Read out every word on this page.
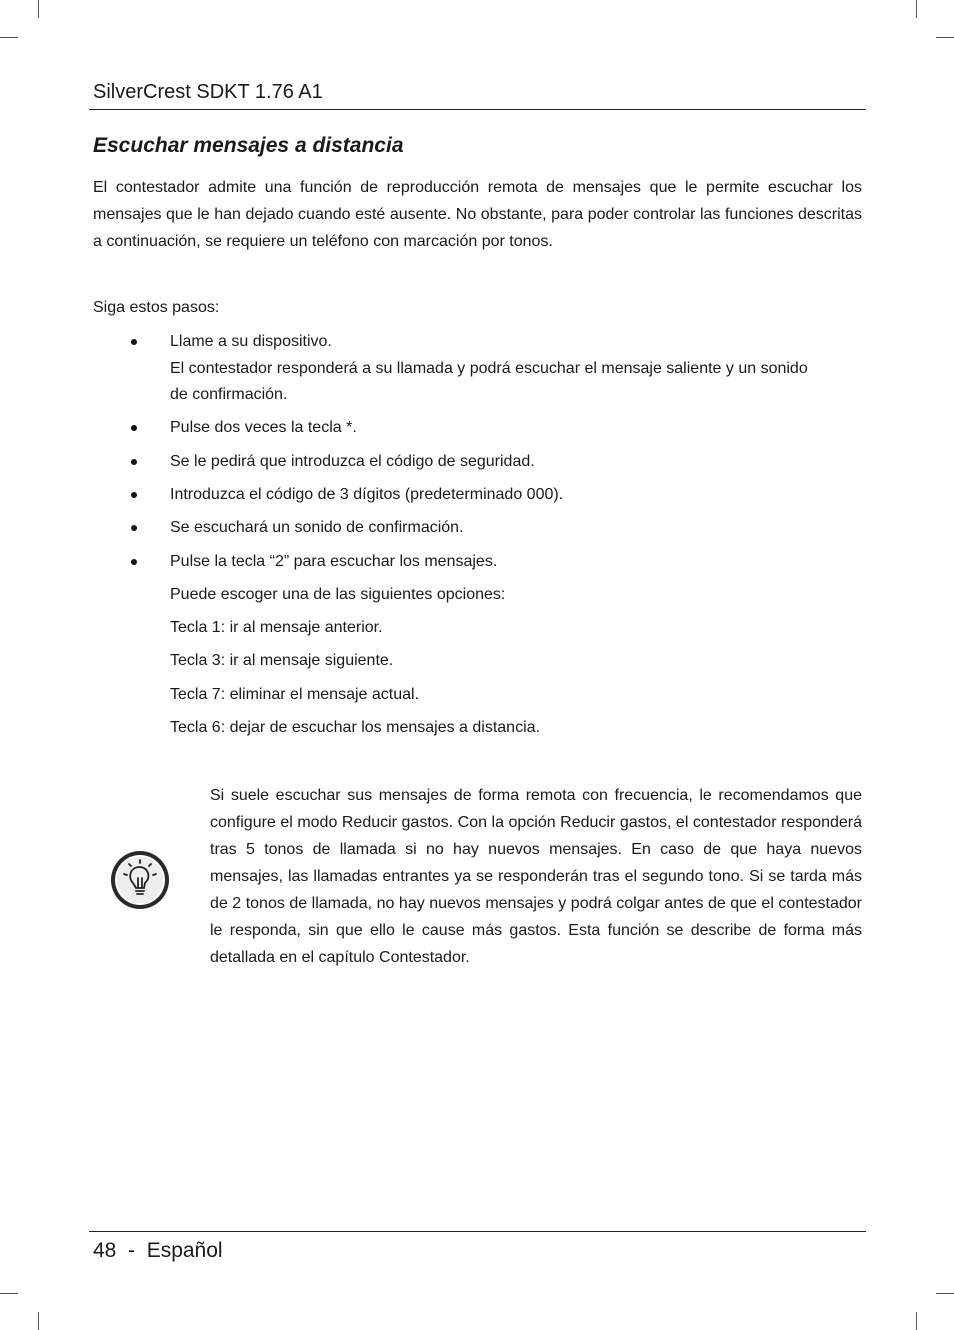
SilverCrest SDKT 1.76 A1
Escuchar mensajes a distancia
El contestador admite una función de reproducción remota de mensajes que le permite escuchar los mensajes que le han dejado cuando esté ausente. No obstante, para poder controlar las funciones descritas a continuación, se requiere un teléfono con marcación por tonos.
Siga estos pasos:
Llame a su dispositivo.
El contestador responderá a su llamada y podrá escuchar el mensaje saliente y un sonido
de confirmación.
Pulse dos veces la tecla *.
Se le pedirá que introduzca el código de seguridad.
Introduzca el código de 3 dígitos (predeterminado 000).
Se escuchará un sonido de confirmación.
Pulse la tecla “2” para escuchar los mensajes.
Puede escoger una de las siguientes opciones:
Tecla 1: ir al mensaje anterior.
Tecla 3: ir al mensaje siguiente.
Tecla 7: eliminar el mensaje actual.
Tecla 6: dejar de escuchar los mensajes a distancia.
Si suele escuchar sus mensajes de forma remota con frecuencia, le recomendamos que configure el modo Reducir gastos. Con la opción Reducir gastos, el contestador responderá tras 5 tonos de llamada si no hay nuevos mensajes. En caso de que haya nuevos mensajes, las llamadas entrantes ya se responderán tras el segundo tono. Si se tarda más de 2 tonos de llamada, no hay nuevos mensajes y podrá colgar antes de que el contestador le responda, sin que ello le cause más gastos. Esta función se describe de forma más detallada en el capítulo Contestador.
48  -  Español
